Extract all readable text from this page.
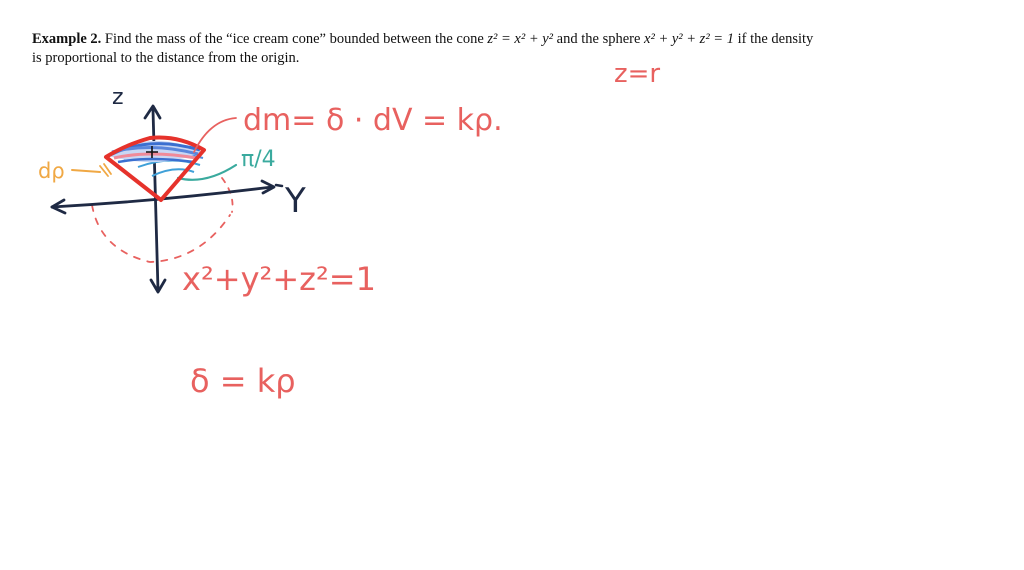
Example 2. Find the mass of the “ice cream cone” bounded between the cone z² = x² + y² and the sphere x² + y² + z² = 1 if the density is proportional to the distance from the origin.

z
Y
dm= δ · dV = kρ.
π/4
dρ
x²+y²+z²=1
z=r
δ = kρ
